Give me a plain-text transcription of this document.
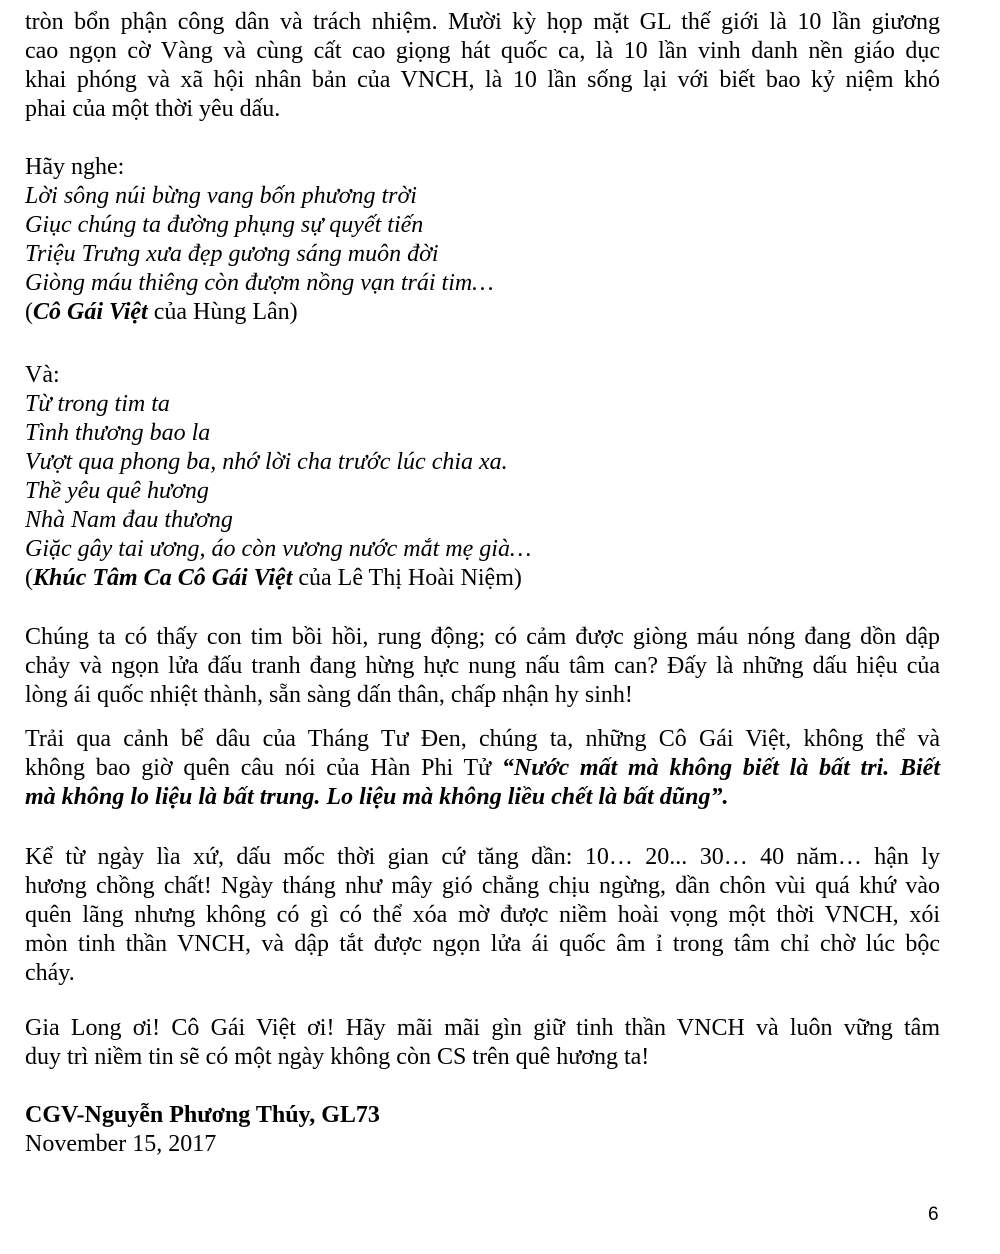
tròn bổn phận công dân và trách nhiệm. Mười kỳ họp mặt GL thế giới là 10 lần giương
cao ngọn cờ Vàng và cùng cất cao giọng hát quốc ca, là 10 lần vinh danh nền giáo dục
khai phóng và xã hội nhân bản của VNCH, là 10 lần sống lại với biết bao kỷ niệm khó
phai của một thời yêu dấu.
Hãy nghe:
Lời sông núi bừng vang bốn phương trời
Giục chúng ta đường phụng sự quyết tiến
Triệu Trưng xưa đẹp gương sáng muôn đời
Giòng máu thiêng còn đượm nồng vạn trái tim…
(Cô Gái Việt của Hùng Lân)
Và:
Từ trong tim ta
Tình thương bao la
Vượt qua phong ba, nhớ lời cha trước lúc chia xa.
Thề yêu quê hương
Nhà Nam đau thương
Giặc gây tai ương, áo còn vương nước mắt mẹ già…
(Khúc Tâm Ca Cô Gái Việt của Lê Thị Hoài Niệm)
Chúng ta có thấy con tim bồi hồi, rung động; có cảm được giòng máu nóng đang dồn dập
chảy và ngọn lửa đấu tranh đang hừng hực nung nấu tâm can? Đấy là những dấu hiệu của
lòng ái quốc nhiệt thành, sẵn sàng dấn thân, chấp nhận hy sinh!
Trải qua cảnh bể dâu của Tháng Tư Đen, chúng ta, những Cô Gái Việt, không thể và
không bao giờ quên câu nói của Hàn Phi Tử “Nước mất mà không biết là bất tri. Biết
mà không lo liệu là bất trung. Lo liệu mà không liều chết là bất dũng”.
Kể từ ngày lìa xứ, dấu mốc thời gian cứ tăng dần: 10… 20... 30… 40 năm… hận ly
hương chồng chất! Ngày tháng như mây gió chẳng chịu ngừng, dần chôn vùi quá khứ vào
quên lãng nhưng không có gì có thể xóa mờ được niềm hoài vọng một thời VNCH, xói
mòn tinh thần VNCH, và dập tắt được ngọn lửa ái quốc âm ỉ trong tâm chỉ chờ lúc bộc
cháy.
Gia Long ơi! Cô Gái Việt ơi! Hãy mãi mãi gìn giữ tinh thần VNCH và luôn vững tâm
duy trì niềm tin sẽ có một ngày không còn CS trên quê hương ta!
CGV-Nguyễn Phương Thúy, GL73
November 15, 2017
6
